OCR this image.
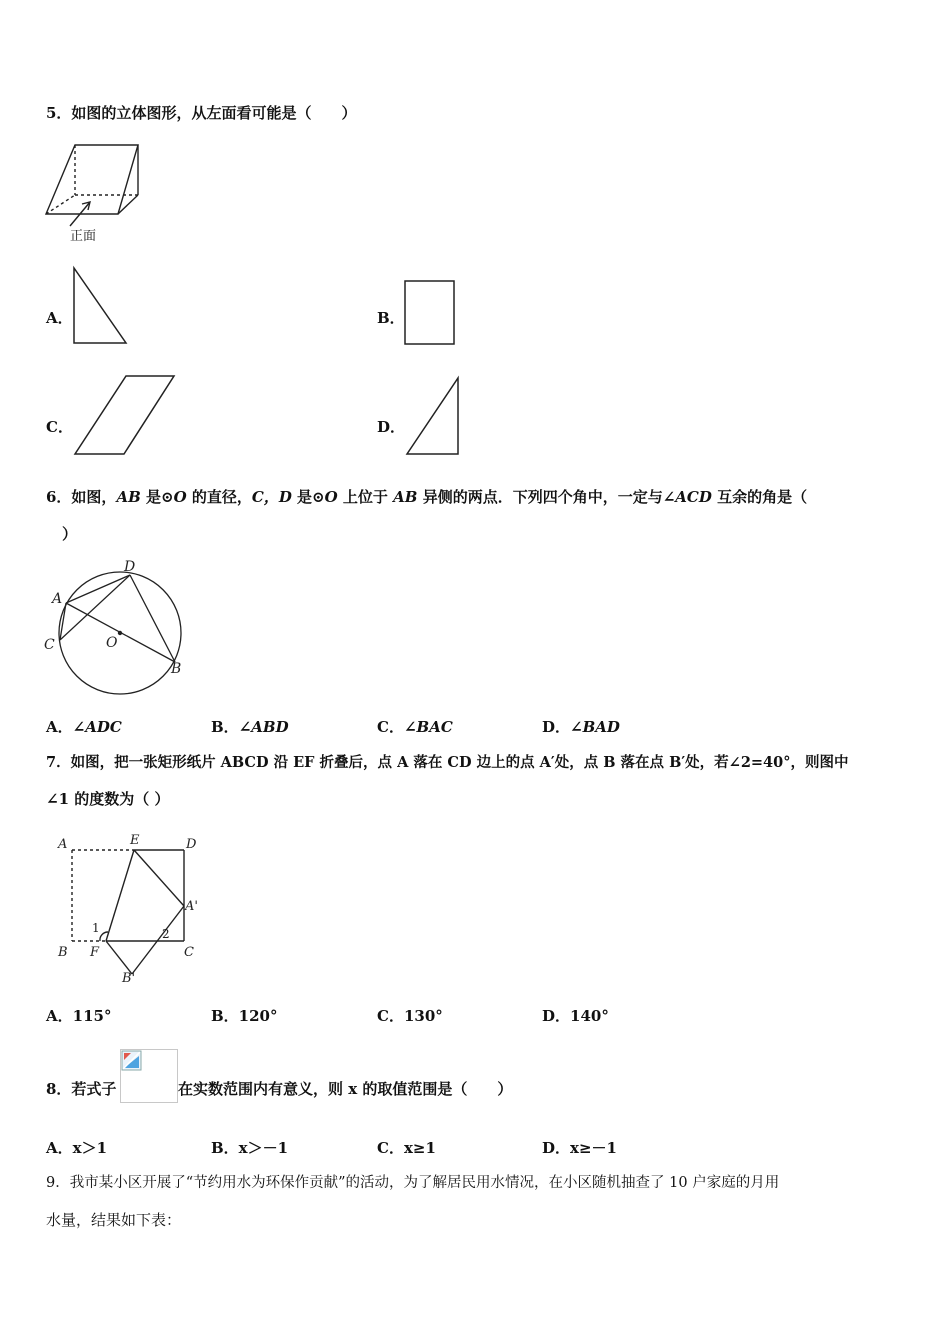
5．如图的立体图形，从左面看可能是（　　）
正面
A．	B．
C．	D．
6．如图，AB 是⊙O 的直径，C，D 是⊙O 上位于 AB 异侧的两点．下列四个角中，一定与∠ACD 互余的角是（
）
A
D
C	O
B
A．∠ADC	B．∠ABD	C．∠BAC	D．∠BAD
7．如图，把一张矩形纸片 ABCD 沿 EF 折叠后，点 A 落在 CD 边上的点 A′处，点 B 落在点 B′处，若∠2=40°，则图中
∠1 的度数为（ ）
A	E	D
A'
B F	C
B'
1	2
A．115°	B．120°	C．130°	D．140°
8．若式子	在实数范围内有意义，则 x 的取值范围是（　　）
A．x＞1	B．x＞－1	C．x≥1	D．x≥－1
9．我市某小区开展了“节约用水为环保作贡献”的活动，为了解居民用水情况，在小区随机抽查了 10 户家庭的月用
水量，结果如下表：
